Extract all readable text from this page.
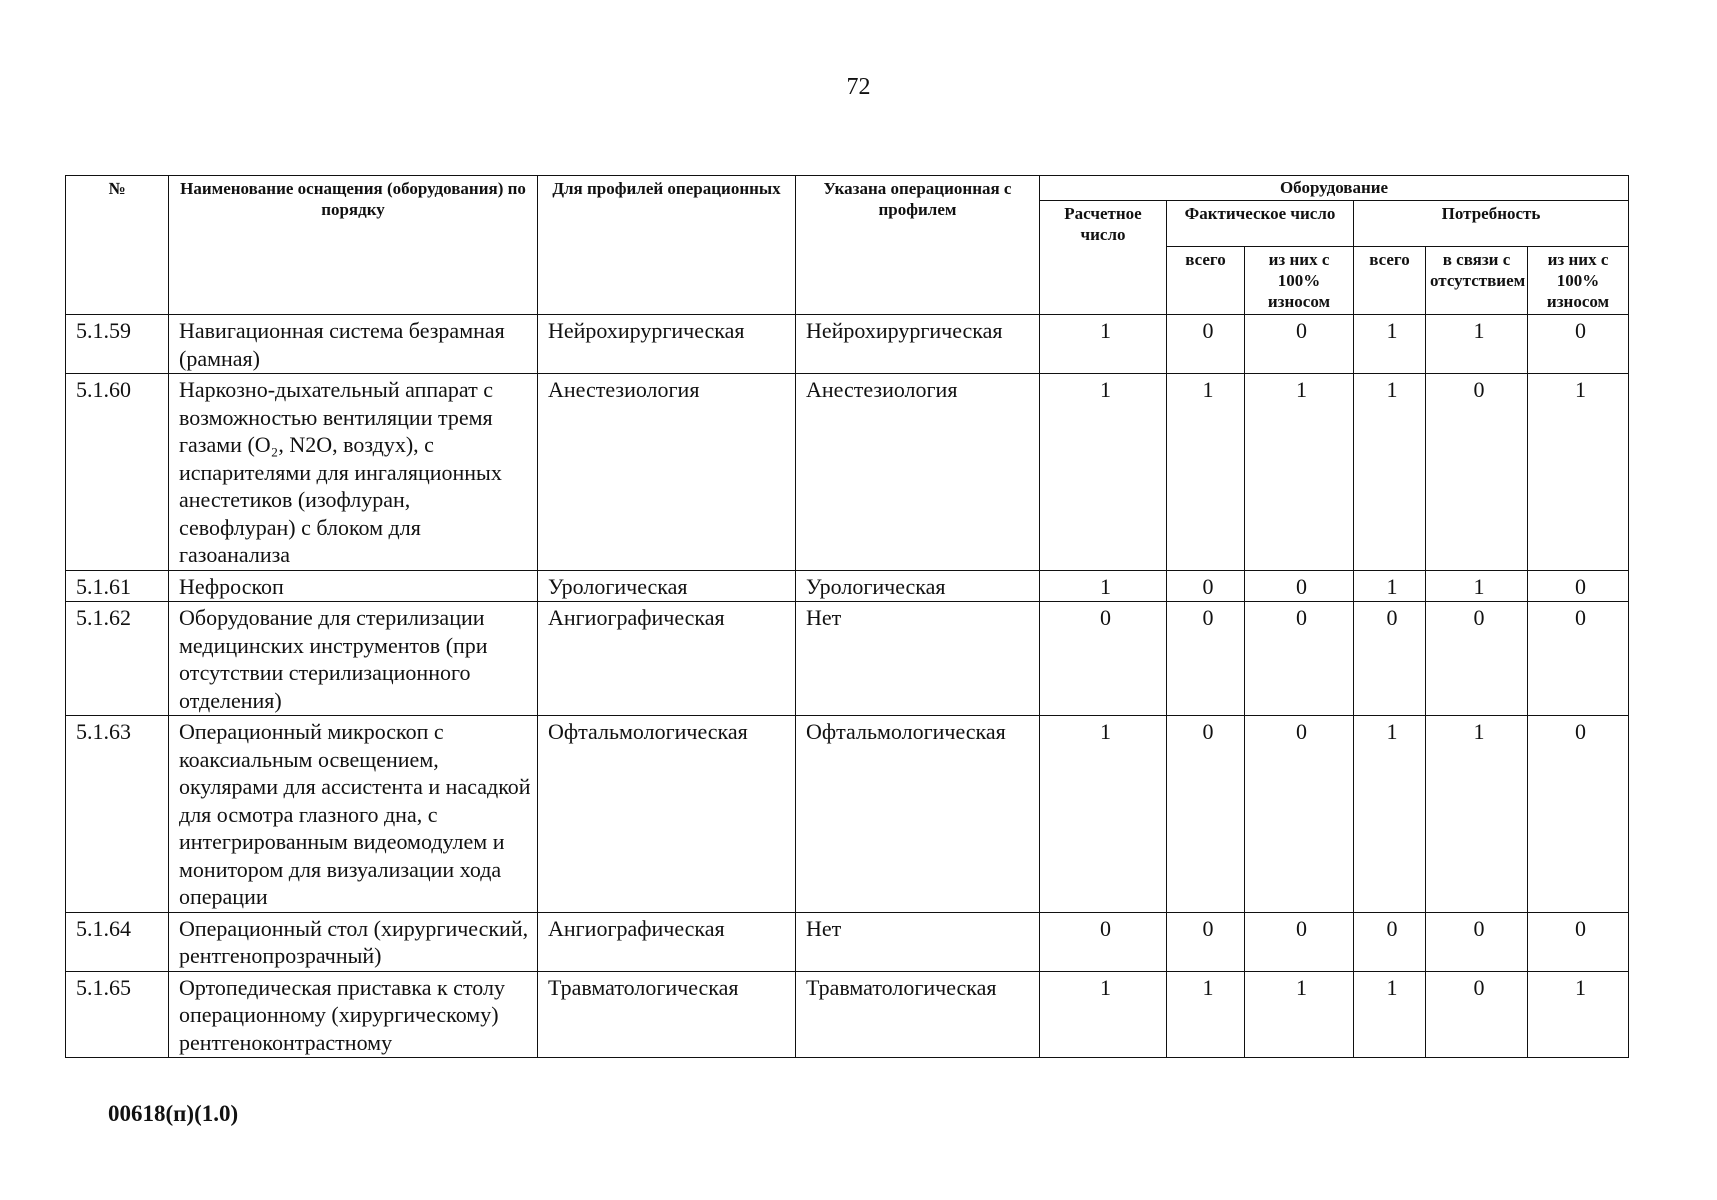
72
№	Наименование оснащения (оборудования) по порядку	Для профилей операционных	Указана операционная с профилем	Оборудование					
				Расчетное число	Фактическое число		Потребность		
					всего	из них с 100% износом	всего	в связи с отсутствием	из них с 100% износом
5.1.59	Навигационная система безрамная (рамная)	Нейрохирургическая	Нейрохирургическая	1	0	0	1	1	0
5.1.60	Наркозно-дыхательный аппарат с возможностью вентиляции тремя газами (O₂, N2O, воздух), с испарителями для ингаляционных анестетиков (изофлуран, севофлуран) с блоком для газоанализа	Анестезиология	Анестезиология	1	1	1	1	0	1
5.1.61	Нефроскоп	Урологическая	Урологическая	1	0	0	1	1	0
5.1.62	Оборудование для стерилизации медицинских инструментов (при отсутствии стерилизационного отделения)	Ангиографическая	Нет	0	0	0	0	0	0
5.1.63	Операционный микроскоп с коаксиальным освещением, окулярами для ассистента и насадкой для осмотра глазного дна, с интегрированным видеомодулем и монитором для визуализации хода операции	Офтальмологическая	Офтальмологическая	1	0	0	1	1	0
5.1.64	Операционный стол (хирургический, рентгенопрозрачный)	Ангиографическая	Нет	0	0	0	0	0	0
5.1.65	Ортопедическая приставка к столу операционному (хирургическому) рентгеноконтрастному	Травматологическая	Травматологическая	1	1	1	1	0	1
00618(п)(1.0)
